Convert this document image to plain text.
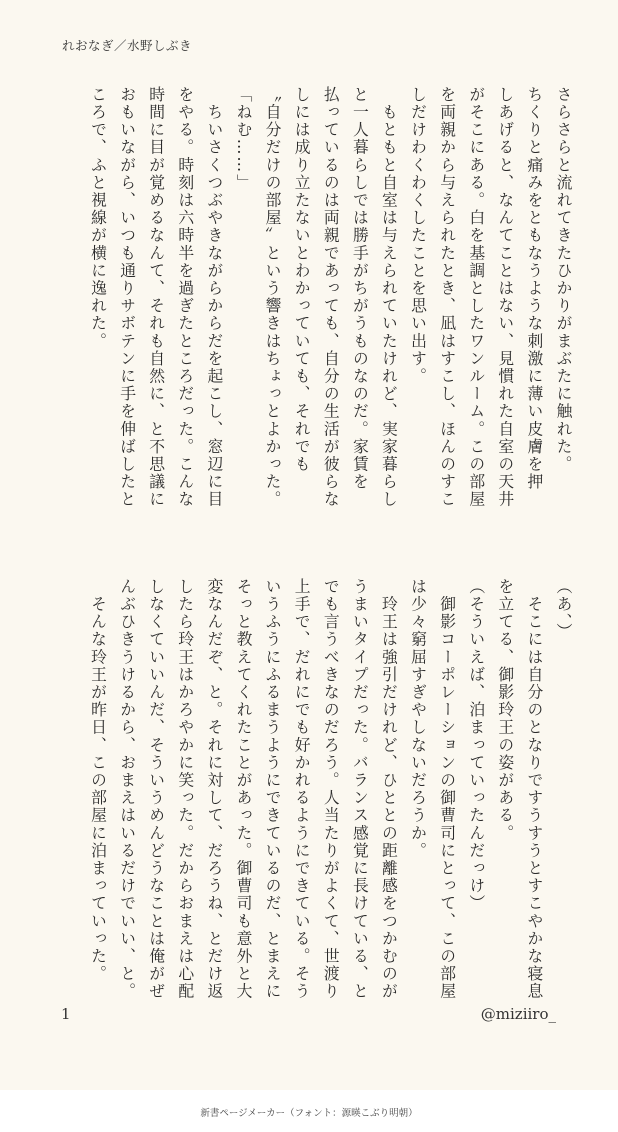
れおなぎ／水野しぶき
さらさらと流れてきたひかりがまぶたに触れた。
ちくりと痛みをともなうような刺激に薄い皮膚を押
しあげると、なんてことはない、見慣れた自室の天井
がそこにある。白を基調としたワンルーム。この部屋
を両親から与えられたとき、凪はすこし、ほんのすこ
しだけわくわくしたことを思い出す。
　もともと自室は与えられていたけれど、実家暮らし
と一人暮らしでは勝手がちがうものなのだ。家賃を
払っているのは両親であっても、自分の生活が彼らな
しには成り立たないとわかっていても、それでも
〝自分だけの部屋〟という響きはちょっとよかった。
「ねむ……」
　ちいさくつぶやきながらからだを起こし、窓辺に目
をやる。時刻は六時半を過ぎたところだった。こんな
時間に目が覚めるなんて、それも自然に、と不思議に
おもいながら、いつも通りサボテンに手を伸ばしたと
ころで、ふと視線が横に逸れた。
（あ、）
　そこには自分のとなりですうすうとすこやかな寝息
を立てる、御影玲王の姿がある。
（そういえば、泊まっていったんだっけ）
　御影コーポレーションの御曹司にとって、この部屋
は少々窮屈すぎやしないだろうか。
　玲王は強引だけれど、ひととの距離感をつかむのが
うまいタイプだった。バランス感覚に長けている、と
でも言うべきなのだろう。人当たりがよくて、世渡り
上手で、だれにでも好かれるようにできている。そう
いうふうにふるまうようにできているのだ、とまえに
そっと教えてくれたことがあった。御曹司も意外と大
変なんだぞ、と。それに対して、だろうね、とだけ返
したら玲王はかろやかに笑った。だからおまえは心配
しなくていいんだ、そういうめんどうなことは俺がぜ
んぶひきうけるから、おまえはいるだけでいい、と。
　そんな玲王が昨日、この部屋に泊まっていった。
1	@miziiro_
新書ページメーカー（フォント：源暎こぶり明朝）
